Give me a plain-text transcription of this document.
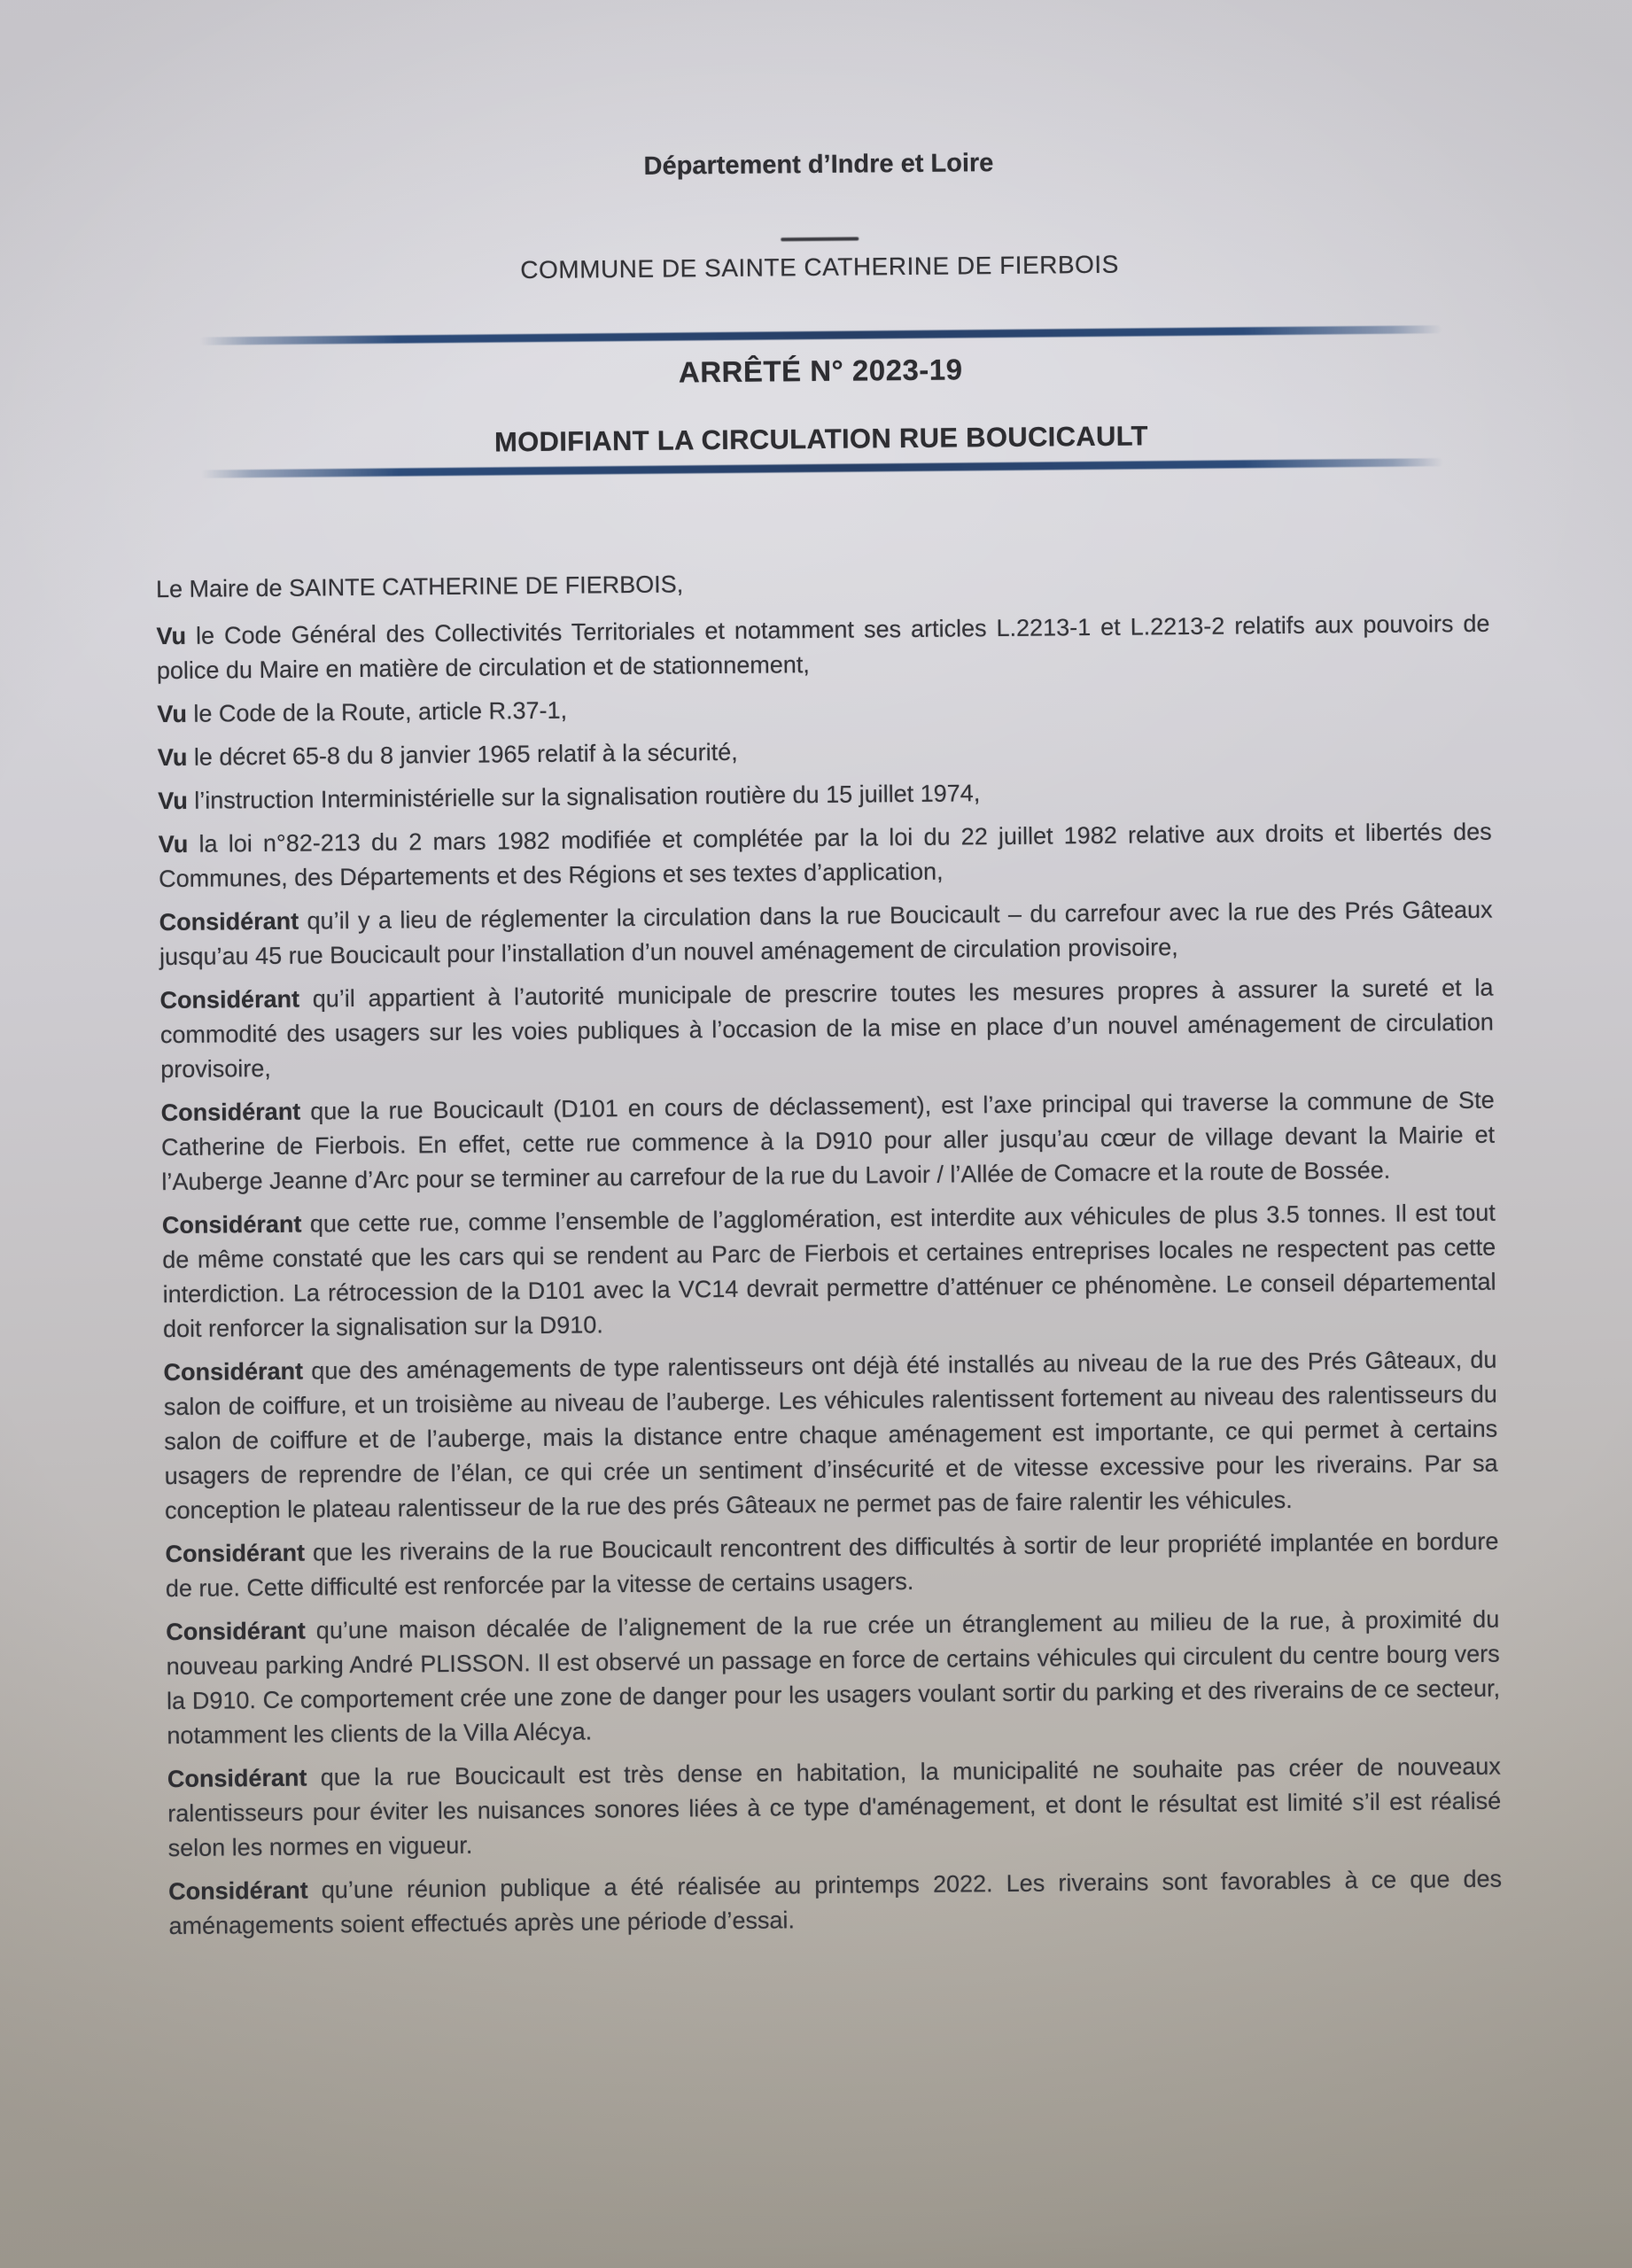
Département d’Indre et Loire
COMMUNE DE SAINTE CATHERINE DE FIERBOIS
ARRÊTÉ N° 2023-19
MODIFIANT LA CIRCULATION RUE BOUCICAULT

Le Maire de SAINTE CATHERINE DE FIERBOIS,

Vu le Code Général des Collectivités Territoriales et notamment ses articles L.2213-1 et L.2213-2 relatifs aux pouvoirs de police du Maire en matière de circulation et de stationnement,

Vu le Code de la Route, article R.37-1,

Vu le décret 65-8 du 8 janvier 1965 relatif à la sécurité,

Vu l’instruction Interministérielle sur la signalisation routière du 15 juillet 1974,

Vu la loi n°82-213 du 2 mars 1982 modifiée et complétée par la loi du 22 juillet 1982 relative aux droits et libertés des Communes, des Départements et des Régions et ses textes d’application,

Considérant qu’il y a lieu de réglementer la circulation dans la rue Boucicault – du carrefour avec la rue des Prés Gâteaux jusqu’au 45 rue Boucicault pour l’installation d’un nouvel aménagement de circulation provisoire,

Considérant qu’il appartient à l’autorité municipale de prescrire toutes les mesures propres à assurer la sureté et la commodité des usagers sur les voies publiques à l’occasion de la mise en place d’un nouvel aménagement de circulation provisoire,

Considérant que la rue Boucicault (D101 en cours de déclassement), est l’axe principal qui traverse la commune de Ste Catherine de Fierbois. En effet, cette rue commence à la D910 pour aller jusqu’au cœur de village devant la Mairie et l’Auberge Jeanne d’Arc pour se terminer au carrefour de la rue du Lavoir / l’Allée de Comacre et la route de Bossée.

Considérant que cette rue, comme l’ensemble de l’agglomération, est interdite aux véhicules de plus 3.5 tonnes. Il est tout de même constaté que les cars qui se rendent au Parc de Fierbois et certaines entreprises locales ne respectent pas cette interdiction. La rétrocession de la D101 avec la VC14 devrait permettre d’atténuer ce phénomène. Le conseil départemental doit renforcer la signalisation sur la D910.

Considérant que des aménagements de type ralentisseurs ont déjà été installés au niveau de la rue des Prés Gâteaux, du salon de coiffure, et un troisième au niveau de l’auberge. Les véhicules ralentissent fortement au niveau des ralentisseurs du salon de coiffure et de l’auberge, mais la distance entre chaque aménagement est importante, ce qui permet à certains usagers de reprendre de l’élan, ce qui crée un sentiment d’insécurité et de vitesse excessive pour les riverains. Par sa conception le plateau ralentisseur de la rue des prés Gâteaux ne permet pas de faire ralentir les véhicules.

Considérant que les riverains de la rue Boucicault rencontrent des difficultés à sortir de leur propriété implantée en bordure de rue. Cette difficulté est renforcée par la vitesse de certains usagers.

Considérant qu’une maison décalée de l’alignement de la rue crée un étranglement au milieu de la rue, à proximité du nouveau parking André PLISSON. Il est observé un passage en force de certains véhicules qui circulent du centre bourg vers la D910. Ce comportement crée une zone de danger pour les usagers voulant sortir du parking et des riverains de ce secteur, notamment les clients de la Villa Alécya.

Considérant que la rue Boucicault est très dense en habitation, la municipalité ne souhaite pas créer de nouveaux ralentisseurs pour éviter les nuisances sonores liées à ce type d'aménagement, et dont le résultat est limité s’il est réalisé selon les normes en vigueur.

Considérant qu’une réunion publique a été réalisée au printemps 2022. Les riverains sont favorables à ce que des aménagements soient effectués après une période d’essai.
